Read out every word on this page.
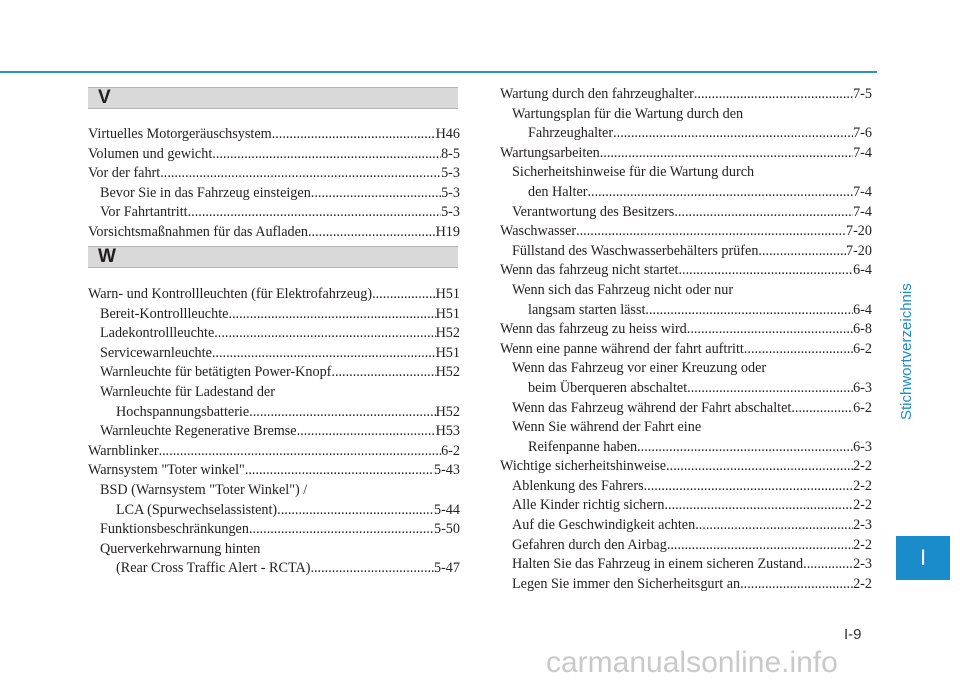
V
W
Virtuelles Motorgeräuschsystem .....	H46
Volumen und gewicht .....	8-5
Vor der fahrt .....	5-3
Bevor Sie in das Fahrzeug einsteigen. .....	5-3
Vor Fahrtantritt .....	5-3
Vorsichtsmaßnahmen für das Aufladen .....	H19
Warn- und Kontrollleuchten (für Elektrofahrzeug) .....	H51
Bereit-Kontrollleuchte .....	H51
Ladekontrollleuchte .....	H52
Servicewarnleuchte .....	H51
Warnleuchte für betätigten Power-Knopf .....	H52
Warnleuchte für Ladestand der
Hochspannungsbatterie .....	H52
Warnleuchte Regenerative Bremse .....	H53
Warnblinker .....	6-2
Warnsystem "Toter winkel" .....	5-43
BSD (Warnsystem "Toter Winkel") /
LCA (Spurwechselassistent) .....	5-44
Funktionsbeschränkungen .....	5-50
Querverkehrwarnung hinten
(Rear Cross Traffic Alert - RCTA) .....	5-47
Wartung durch den fahrzeughalter .....	7-5
Wartungsplan für die Wartung durch den
Fahrzeughalter .....	7-6
Wartungsarbeiten .....	7-4
Sicherheitshinweise für die Wartung durch
den Halter .....	7-4
Verantwortung des Besitzers .....	7-4
Waschwasser .....	7-20
Füllstand des Waschwasserbehälters prüfen .....	7-20
Wenn das fahrzeug nicht startet .....	6-4
Wenn sich das Fahrzeug nicht oder nur
langsam starten lässt .....	6-4
Wenn das fahrzeug zu heiss wird .....	6-8
Wenn eine panne während der fahrt auftritt .....	6-2
Wenn das Fahrzeug vor einer Kreuzung oder
beim Überqueren abschaltet .....	6-3
Wenn das Fahrzeug während der Fahrt abschaltet .....	6-2
Wenn Sie während der Fahrt eine
Reifenpanne haben .....	6-3
Wichtige sicherheitshinweise .....	2-2
Ablenkung des Fahrers .....	2-2
Alle Kinder richtig sichern .....	2-2
Auf die Geschwindigkeit achten .....	2-3
Gefahren durch den Airbag .....	2-2
Halten Sie das Fahrzeug in einem sicheren Zustand .....	2-3
Legen Sie immer den Sicherheitsgurt an .....	2-2
Stichwortverzeichnis
I
I-9
carmanualsonline.info
